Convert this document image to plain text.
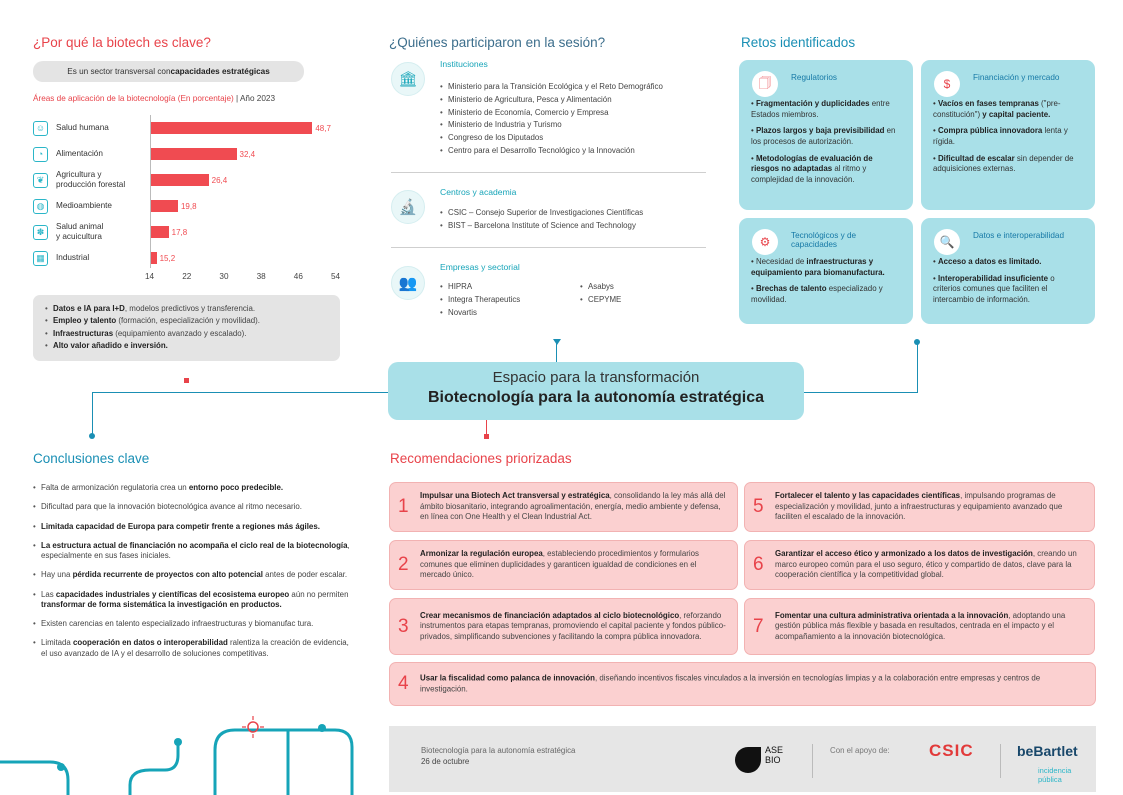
¿Por qué la biotech es clave?
Es un sector transversal con capacidades estratégicas
Áreas de aplicación de la biotecnología (En porcentaje) | Año 2023
☺	Salud humana	48,7
◔	Alimentación	32,4
❦	Agricultura y
producción forestal	26,4
◍	Medioambiente	19,8
✽	Salud animal
y acuicultura	17,8
▦	Industrial	15,2
14	22	30	38	46	54
• Datos e IA para I+D, modelos predictivos y transferencia.
• Empleo y talento (formación, especialización y movilidad).
• Infraestructuras (equipamiento avanzado y escalado).
• Alto valor añadido e inversión.
¿Quiénes participaron en la sesión?
🏛
Instituciones
• Ministerio para la Transición Ecológica y el Reto Demográfico
• Ministerio de Agricultura, Pesca y Alimentación
• Ministerio de Economía, Comercio y Empresa
• Ministerio de Industria y Turismo
• Congreso de los Diputados
• Centro para el Desarrollo Tecnológico y la Innovación
🔬
Centros y academia
• CSIC – Consejo Superior de Investigaciones Científicas
• BIST – Barcelona Institute of Science and Technology
👥
Empresas y sectorial
• HIPRA
• Integra Therapeutics
• Novartis
• Asabys
• CEPYME
Retos identificados
🗍	Regulatorios

• Fragmentación y duplicidades entre Estados miembros.

• Plazos largos y baja previsibilidad en los procesos de autorización.

• Metodologías de evaluación de riesgos no adaptadas al ritmo y complejidad de la innovación.

$	Financiación y mercado

• Vacíos en fases tempranas ("pre-constitución") y capital paciente.

• Compra pública innovadora lenta y rígida.

• Dificultad de escalar sin depender de adquisiciones externas.

⚙	Tecnológicos y de capacidades

• Necesidad de infraestructuras y equipamiento para biomanufactura.

• Brechas de talento especializado y movilidad.

🔍	Datos e interoperabilidad

• Acceso a datos es limitado.

• Interoperabilidad insuficiente o criterios comunes que faciliten el intercambio de información.

Espacio para la transformación
Biotecnología para la autonomía estratégica
Conclusiones clave
• Falta de armonización regulatoria crea un entorno poco predecible.
• Dificultad para que la innovación biotecnológica avance al ritmo necesario.
• Limitada capacidad de Europa para competir frente a regiones más ágiles.
• La estructura actual de financiación no acompaña el ciclo real de la biotecnología, especialmente en sus fases iniciales.
• Hay una pérdida recurrente de proyectos con alto potencial antes de poder escalar.
• Las capacidades industriales y científicas del ecosistema europeo aún no permiten transformar de forma sistemática la investigación en productos.
• Existen carencias en talento especializado infraestructuras y biomanufac tura.
• Limitada cooperación en datos o interoperabilidad ralentiza la creación de evidencia, el uso avanzado de IA y el desarrollo de soluciones competitivas.
Recomendaciones priorizadas
1
Impulsar una Biotech Act transversal y estratégica, consolidando la ley más allá del ámbito biosanitario, integrando agroalimentación, energía, medio ambiente y defensa, en línea con One Health y el Clean Industrial Act.
2
Armonizar la regulación europea, estableciendo procedimientos y formularios comunes que eliminen duplicidades y garanticen igualdad de condiciones en el mercado único.
3
Crear mecanismos de financiación adaptados al ciclo biotecnológico, reforzando instrumentos para etapas tempranas, promoviendo el capital paciente y fondos público-privados, simplificando subvenciones y facilitando la compra pública innovadora.
4 Usar la fiscalidad como palanca de innovación, diseñando incentivos fiscales vinculados a la inversión en tecnologías limpias y a la colaboración entre empresas y centros de investigación.
5
Fortalecer el talento y las capacidades científicas, impulsando programas de especialización y movilidad, junto a infraestructuras y equipamiento avanzado que faciliten el escalado de la innovación.
6
Garantizar el acceso ético y armonizado a los datos de investigación, creando un marco europeo común para el uso seguro, ético y compartido de datos, clave para la cooperación científica y la competitividad global.
7
Fomentar una cultura administrativa orientada a la innovación, adoptando una gestión pública más flexible y basada en resultados, centrada en el impacto y el acompañamiento a la innovación biotecnológica.
Biotecnología para la autonomía estratégica
26 de octubre
ASE
BIO
Con el apoyo de: CSIC	beBartlet
incidencia
pública
